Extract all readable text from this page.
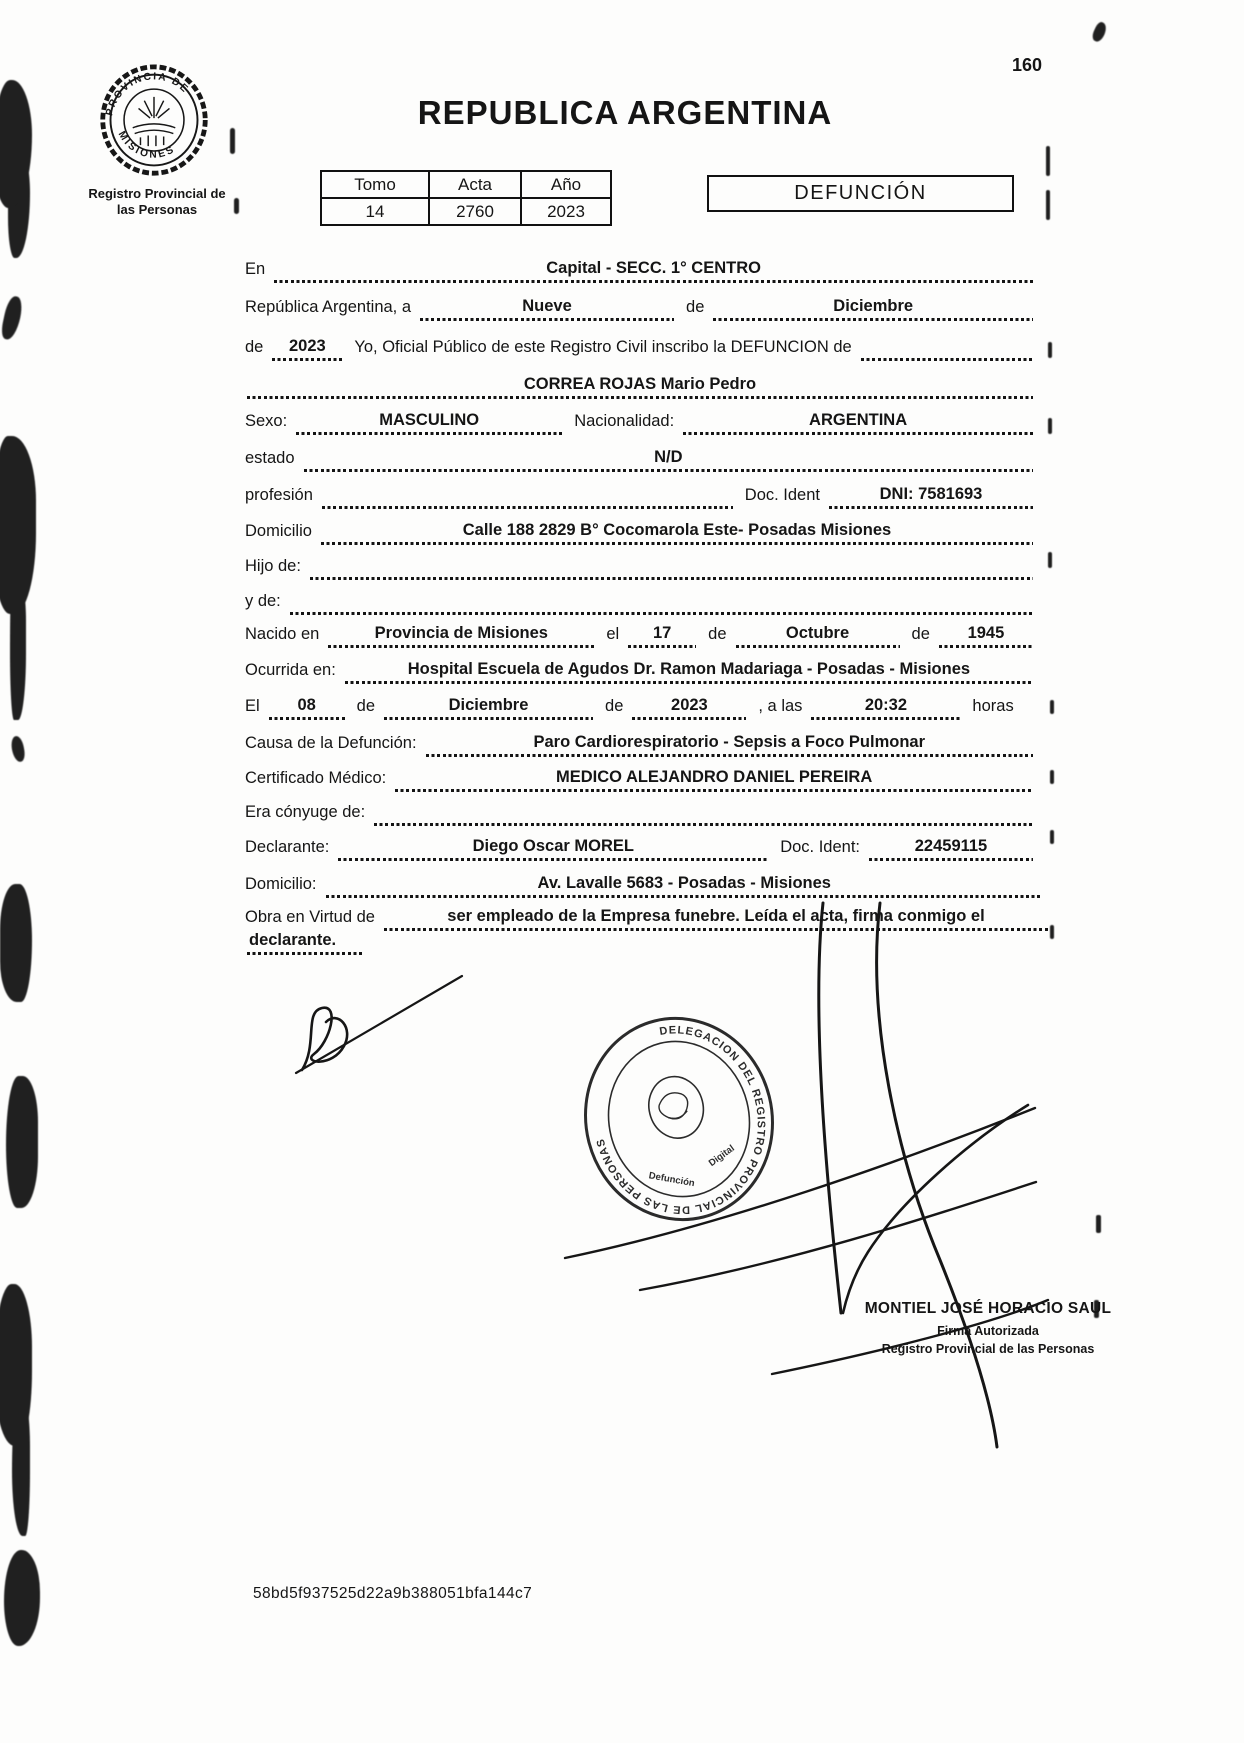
160
REPUBLICA ARGENTINA
PROVINCIA DE
MISIONES
Registro Provincial de
las Personas
Tomo	Acta	Año
14	2760	2023
DEFUNCIÓN
En	Capital - SECC. 1° CENTRO
República Argentina, a	Nueve	de	Diciembre
de	2023	Yo, Oficial Público de este Registro Civil inscribo la DEFUNCION de
CORREA ROJAS Mario Pedro
Sexo:	MASCULINO	Nacionalidad:	ARGENTINA
estado	N/D
profesión	Doc. Ident	DNI: 7581693
Domicilio	Calle 188 2829 B° Cocomarola Este- Posadas Misiones
Hijo de:
y de:
Nacido en	Provincia de Misiones	el	17	de	Octubre	de	1945
Ocurrida en:	Hospital Escuela de Agudos Dr. Ramon Madariaga - Posadas - Misiones
El	08	de	Diciembre	de	2023	, a las	20:32	horas
Causa de la Defunción:	Paro Cardiorespiratorio - Sepsis a Foco Pulmonar
Certificado Médico:	MEDICO ALEJANDRO DANIEL PEREIRA
Era cónyuge de:
Declarante:	Diego Oscar MOREL	Doc. Ident:	22459115
Domicilio:	Av. Lavalle 5683 - Posadas - Misiones
Obra en Virtud de	ser empleado de la Empresa funebre. Leída el acta, firma conmigo el
declarante.
DELEGACION DEL REGISTRO PROVINCIAL DE LAS PERSONAS
Defunción
Digital
MONTIEL JOSÉ HORACIO SAUL
Firma Autorizada
Registro Provincial de las Personas
58bd5f937525d22a9b388051bfa144c7
